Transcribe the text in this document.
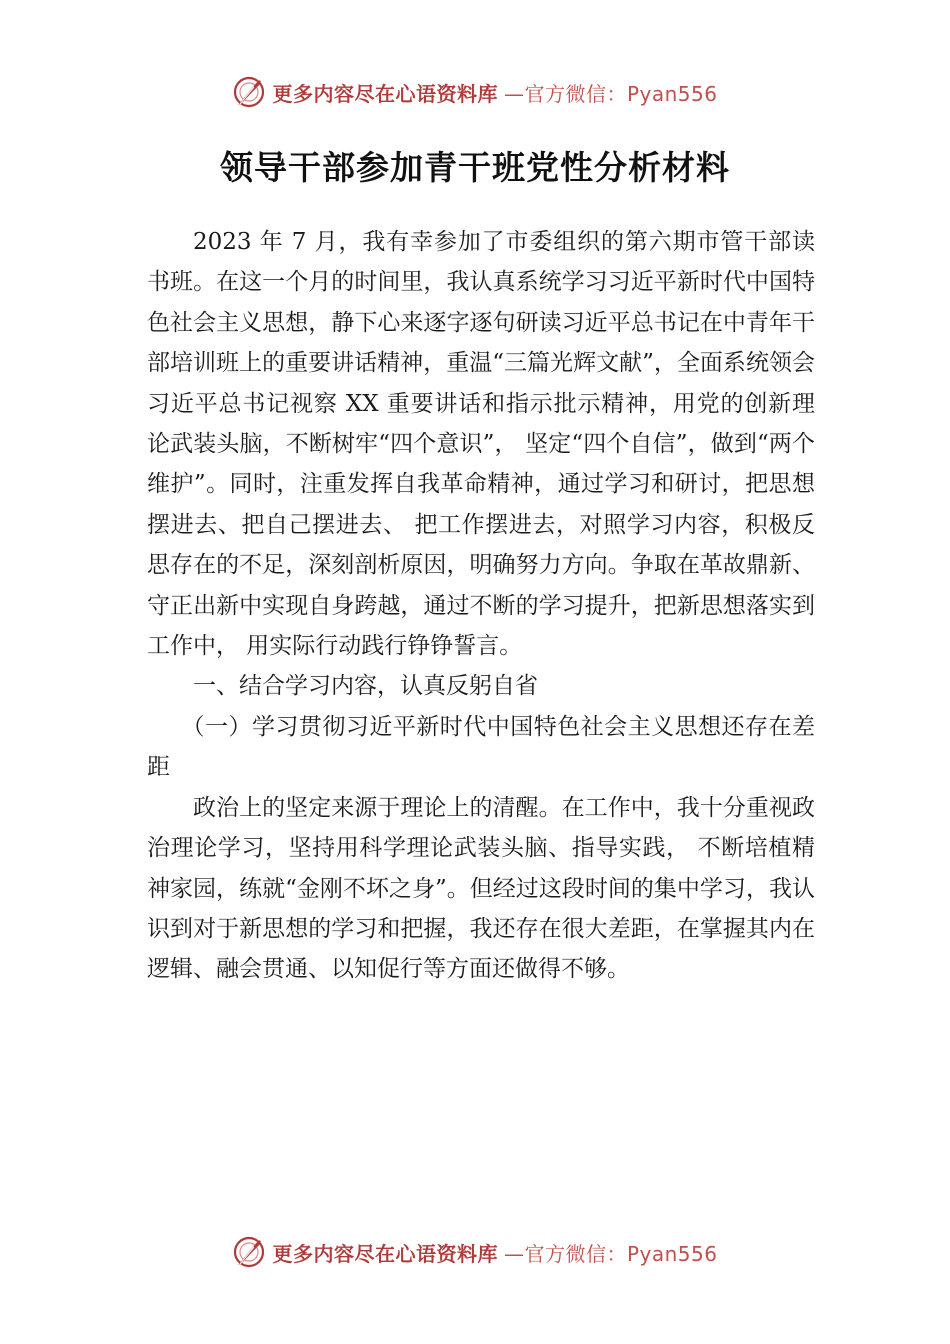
更多内容尽在心语资料库 —官方微信：Pyan556
领导干部参加青干班党性分析材料

2023 年 7 月，我有幸参加了市委组织的第六期市管干部读书班。在这一个月的时间里，我认真系统学习习近平新时代中国特色社会主义思想，静下心来逐字逐句研读习近平总书记在中青年干部培训班上的重要讲话精神，重温“三篇光辉文献”，全面系统领会习近平总书记视察 XX 重要讲话和指示批示精神，用党的创新理论武装头脑，不断树牢“四个意识”， 坚定“四个自信”，做到“两个维护”。同时，注重发挥自我革命精神，通过学习和研讨，把思想摆进去、把自己摆进去、 把工作摆进去，对照学习内容，积极反思存在的不足，深刻剖析原因，明确努力方向。争取在革故鼎新、守正出新中实现自身跨越，通过不断的学习提升，把新思想落实到工作中， 用实际行动践行铮铮誓言。

一、结合学习内容，认真反躬自省

（一）学习贯彻习近平新时代中国特色社会主义思想还存在差距

政治上的坚定来源于理论上的清醒。在工作中，我十分重视政治理论学习，坚持用科学理论武装头脑、指导实践， 不断培植精神家园，练就“金刚不坏之身”。但经过这段时间的集中学习，我认识到对于新思想的学习和把握，我还存在很大差距，在掌握其内在逻辑、融会贯通、以知促行等方面还做得不够。

更多内容尽在心语资料库 —官方微信：Pyan556
